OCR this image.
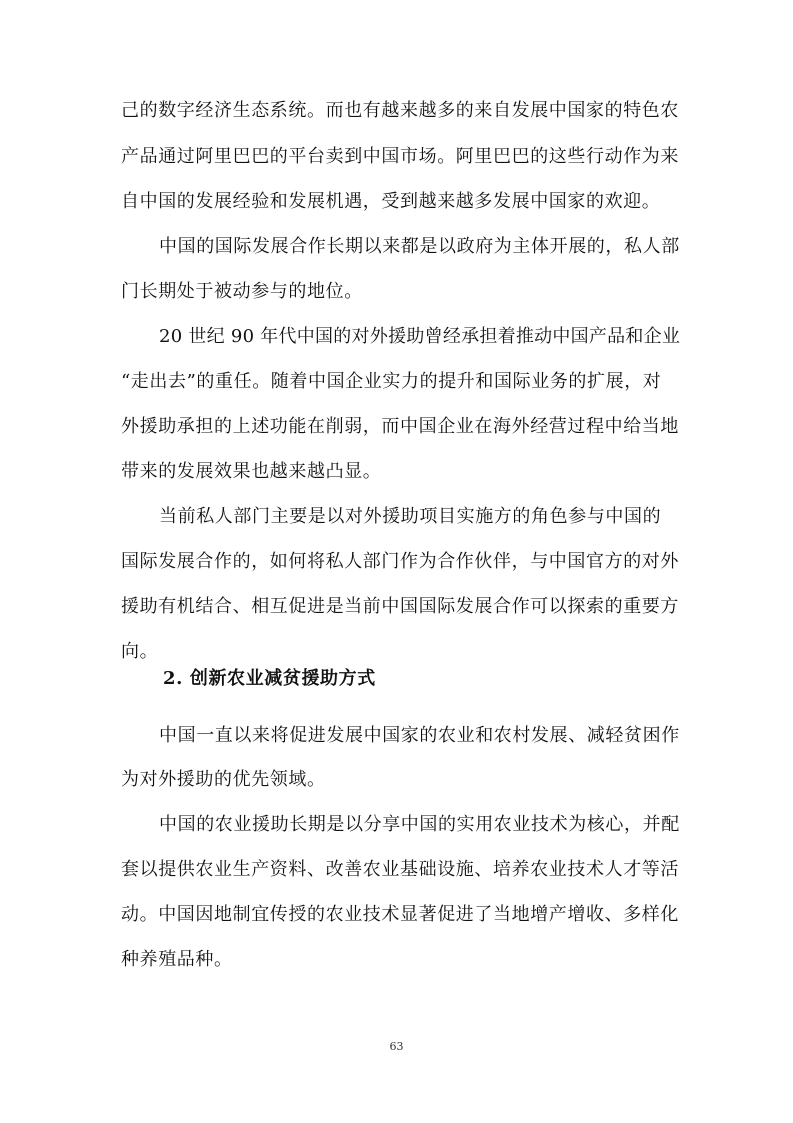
己的数字经济生态系统。而也有越来越多的来自发展中国家的特色农
产品通过阿里巴巴的平台卖到中国市场。阿里巴巴的这些行动作为来
自中国的发展经验和发展机遇，受到越来越多发展中国家的欢迎。
中国的国际发展合作长期以来都是以政府为主体开展的，私人部
门长期处于被动参与的地位。
20 世纪 90 年代中国的对外援助曾经承担着推动中国产品和企业
“走出去”的重任。随着中国企业实力的提升和国际业务的扩展，对
外援助承担的上述功能在削弱，而中国企业在海外经营过程中给当地
带来的发展效果也越来越凸显。
当前私人部门主要是以对外援助项目实施方的角色参与中国的
国际发展合作的，如何将私人部门作为合作伙伴，与中国官方的对外
援助有机结合、相互促进是当前中国国际发展合作可以探索的重要方
向。
2. 创新农业减贫援助方式
中国一直以来将促进发展中国家的农业和农村发展、减轻贫困作
为对外援助的优先领域。
中国的农业援助长期是以分享中国的实用农业技术为核心，并配
套以提供农业生产资料、改善农业基础设施、培养农业技术人才等活
动。中国因地制宜传授的农业技术显著促进了当地增产增收、多样化
种养殖品种。
63
